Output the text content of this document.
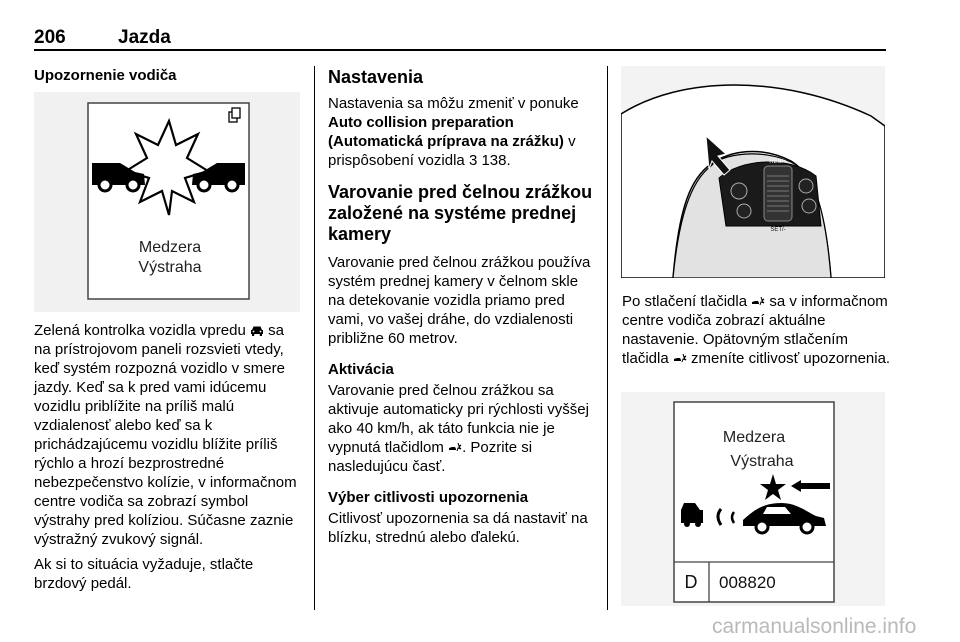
206	Jazda
Upozornenie vodiča
Medzera
Výstraha

Zelená kontrolka vozidla vpredu sa na prístrojovom paneli rozsvieti vtedy, keď systém rozpozná vozidlo v smere jazdy. Keď sa k pred vami idúcemu vozidlu priblížite na príliš malú vzdialenosť alebo keď sa k prichádzajúcemu vozidlu blížite príliš rýchlo a hrozí bezprostredné nebezpečenstvo kolízie, v informačnom centre vodiča sa zobrazí symbol výstrahy pred kolíziou. Súčasne zaznie výstražný zvukový signál.

Ak si to situácia vyžaduje, stlačte brzdový pedál.

Nastavenia

Nastavenia sa môžu zmeniť v ponuke
Auto collision preparation
(Automatická príprava na zrážku) v prispôsobení vozidla 3 138.

Varovanie pred čelnou zrážkou založené na systéme prednej kamery

Varovanie pred čelnou zrážkou používa systém prednej kamery v čelnom skle na detekovanie vozidla priamo pred vami, vo vašej dráhe, do vzdialenosti približne 60 metrov.

Aktivácia

Varovanie pred čelnou zrážkou sa aktivuje automaticky pri rýchlosti vyššej ako 40 km/h, ak táto funkcia nie je vypnutá tlačidlom . Pozrite si nasledujúcu časť.

Výber citlivosti upozornenia

Citlivosť upozornenia sa dá nastaviť na blízku, strednú alebo ďalekú.

RES/+
SET/-

Po stlačení tlačidla sa v informačnom centre vodiča zobrazí aktuálne nastavenie. Opätovným stlačením tlačidla zmeníte citlivosť upozornenia.

Medzera
Výstraha
D 008820
carmanualsonline.info
